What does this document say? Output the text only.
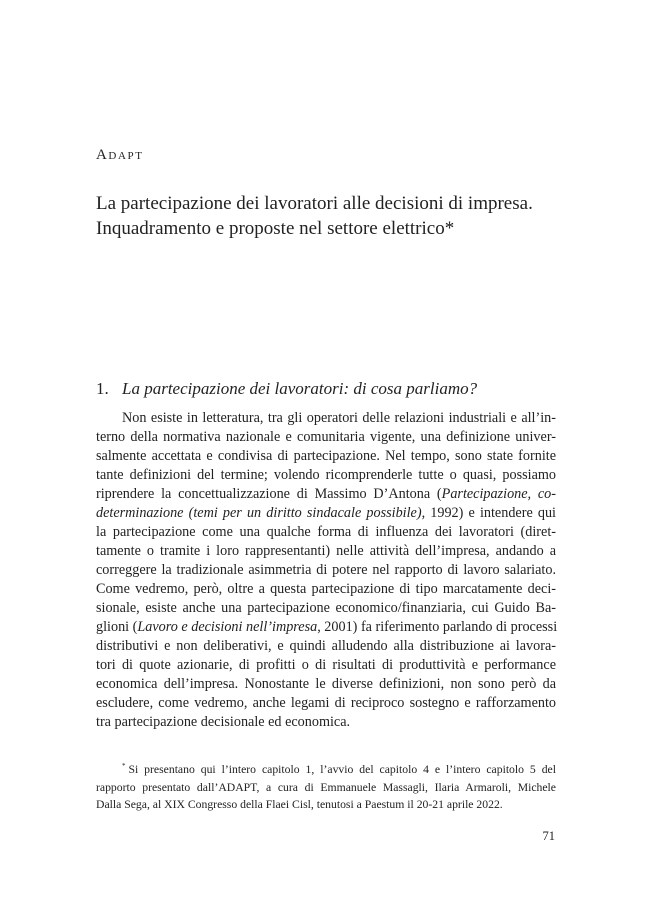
Adapt
La partecipazione dei lavoratori alle decisioni di impresa.
Inquadramento e proposte nel settore elettrico*
1. La partecipazione dei lavoratori: di cosa parliamo?
Non esiste in letteratura, tra gli operatori delle relazioni industriali e all’in-
terno della normativa nazionale e comunitaria vigente, una definizione univer-
salmente accettata e condivisa di partecipazione. Nel tempo, sono state fornite
tante definizioni del termine; volendo ricomprenderle tutte o quasi, possiamo
riprendere la concettualizzazione di Massimo D’Antona (Partecipazione, co-
determinazione (temi per un diritto sindacale possibile), 1992) e intendere qui
la partecipazione come una qualche forma di influenza dei lavoratori (diret-
tamente o tramite i loro rappresentanti) nelle attività dell’impresa, andando a
correggere la tradizionale asimmetria di potere nel rapporto di lavoro salariato.
Come vedremo, però, oltre a questa partecipazione di tipo marcatamente deci-
sionale, esiste anche una partecipazione economico/finanziaria, cui Guido Ba-
glioni (Lavoro e decisioni nell’impresa, 2001) fa riferimento parlando di processi
distributivi e non deliberativi, e quindi alludendo alla distribuzione ai lavora-
tori di quote azionarie, di profitti o di risultati di produttività e performance
economica dell’impresa. Nonostante le diverse definizioni, non sono però da
escludere, come vedremo, anche legami di reciproco sostegno e rafforzamento
tra partecipazione decisionale ed economica.
* Si presentano qui l’intero capitolo 1, l’avvio del capitolo 4 e l’intero capitolo 5 del
rapporto presentato dall’ADAPT, a cura di Emmanuele Massagli, Ilaria Armaroli, Michele
Dalla Sega, al XIX Congresso della Flaei Cisl, tenutosi a Paestum il 20-21 aprile 2022.
71
